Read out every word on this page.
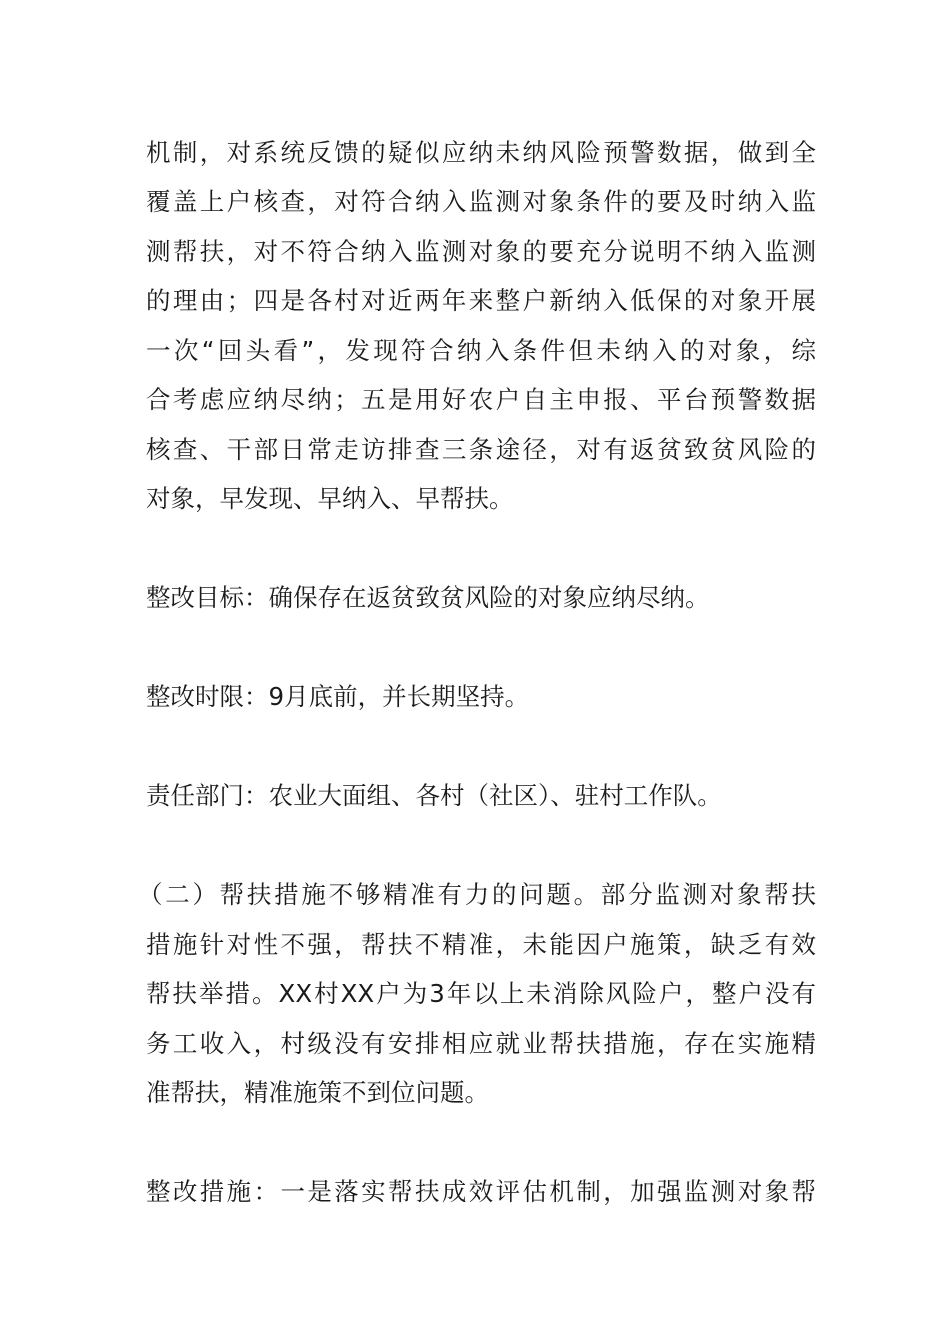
机制，对系统反馈的疑似应纳未纳风险预警数据，做到全
覆盖上户核查，对符合纳入监测对象条件的要及时纳入监
测帮扶，对不符合纳入监测对象的要充分说明不纳入监测
的理由；四是各村对近两年来整户新纳入低保的对象开展
一次“回头看”，发现符合纳入条件但未纳入的对象，综
合考虑应纳尽纳；五是用好农户自主申报、平台预警数据
核查、干部日常走访排查三条途径，对有返贫致贫风险的
对象，早发现、早纳入、早帮扶。
整改目标：确保存在返贫致贫风险的对象应纳尽纳。
整改时限：9月底前，并长期坚持。
责任部门：农业大面组、各村（社区）、驻村工作队。
（二）帮扶措施不够精准有力的问题。部分监测对象帮扶
措施针对性不强，帮扶不精准，未能因户施策，缺乏有效
帮扶举措。XX村XX户为3年以上未消除风险户，整户没有
务工收入，村级没有安排相应就业帮扶措施，存在实施精
准帮扶，精准施策不到位问题。
整改措施：一是落实帮扶成效评估机制，加强监测对象帮
